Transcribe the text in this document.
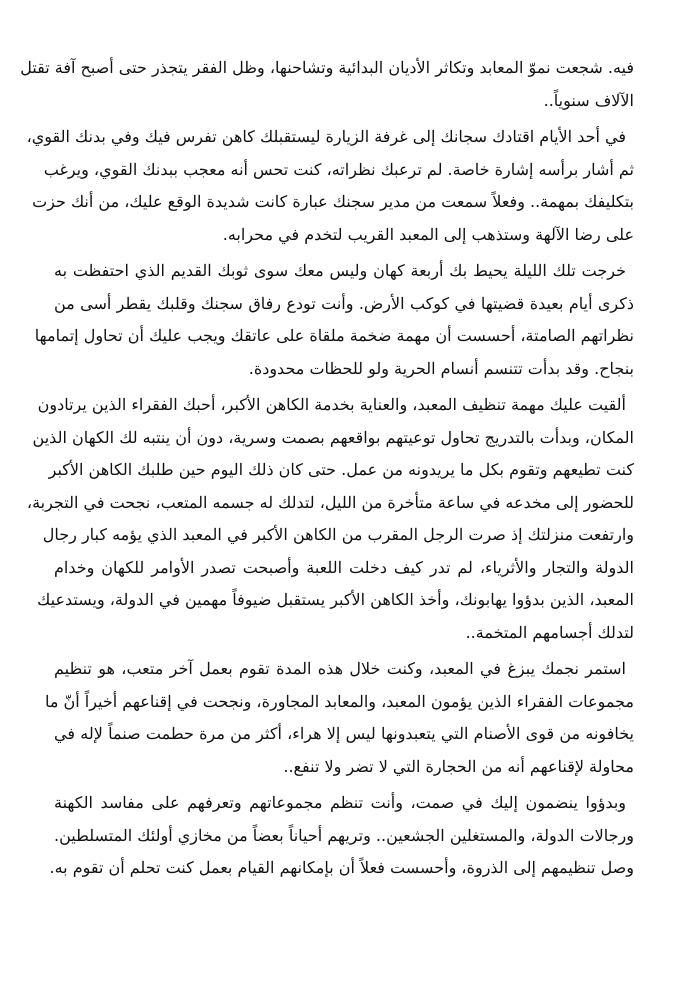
فيه. شجعت نموّ المعابد وتكاثر الأديان البدائية وتشاحنها، وظل الفقر يتجذر حتى أصبح آفة تقتل
الآلاف سنوياً..

في أحد الأيام اقتادك سجانك إلى غرفة الزيارة ليستقبلك كاهن تفرس فيك وفي بدنك القوي،
ثم أشار برأسه إشارة خاصة. لم ترعبك نظراته، كنت تحس أنه معجب ببدنك القوي، ويرغب
بتكليفك بمهمة.. وفعلاً سمعت من مدير سجنك عبارة كانت شديدة الوقع عليك، من أنك حزت
على رضا الآلهة وستذهب إلى المعبد القريب لتخدم في محرابه.

خرجت تلك الليلة يحيط بك أربعة كهان وليس معك سوى ثوبك القديم الذي احتفظت به
ذكرى أيام بعيدة قضيتها في كوكب الأرض. وأنت تودع رفاق سجنك وقلبك يقطر أسى من
نظراتهم الصامتة، أحسست أن مهمة ضخمة ملقاة على عاتقك ويجب عليك أن تحاول إتمامها
بنجاح. وقد بدأت تتنسم أنسام الحرية ولو للحظات محدودة.

ألقيت عليك مهمة تنظيف المعبد، والعناية بخدمة الكاهن الأكبر، أحبك الفقراء الذين يرتادون
المكان، وبدأت بالتدريج تحاول توعيتهم بواقعهم بصمت وسرية، دون أن ينتبه لك الكهان الذين
كنت تطيعهم وتقوم بكل ما يريدونه من عمل. حتى كان ذلك اليوم حين طلبك الكاهن الأكبر
للحضور إلى مخدعه في ساعة متأخرة من الليل، لتدلك له جسمه المتعب، نجحت في التجربة،
وارتفعت منزلتك إذ صرت الرجل المقرب من الكاهن الأكبر في المعبد الذي يؤمه كبار رجال
الدولة والتجار والأثرياء، لم تدر كيف دخلت اللعبة وأصبحت تصدر الأوامر للكهان وخدام
المعبد، الذين بدؤوا يهابونك، وأخذ الكاهن الأكبر يستقبل ضيوفاً مهمين في الدولة، ويستدعيك
لتدلك أجسامهم المتخمة..

استمر نجمك يبزغ في المعبد، وكنت خلال هذه المدة تقوم بعمل آخر متعب، هو تنظيم
مجموعات الفقراء الذين يؤمون المعبد، والمعابد المجاورة، ونجحت في إقناعهم أخيراً أنّ ما
يخافونه من قوى الأصنام التي يتعبدونها ليس إلا هراء، أكثر من مرة حطمت صنماً لإله في
محاولة لإقناعهم أنه من الحجارة التي لا تضر ولا تنفع..

وبدؤوا ينضمون إليك في صمت، وأنت تنظم مجموعاتهم وتعرفهم على مفاسد الكهنة
ورجالات الدولة، والمستغلين الجشعين.. وتريهم أحياناً بعضاً من مخازي أولئك المتسلطين.
وصل تنظيمهم إلى الذروة، وأحسست فعلاً أن بإمكانهم القيام بعمل كنت تحلم أن تقوم به.
